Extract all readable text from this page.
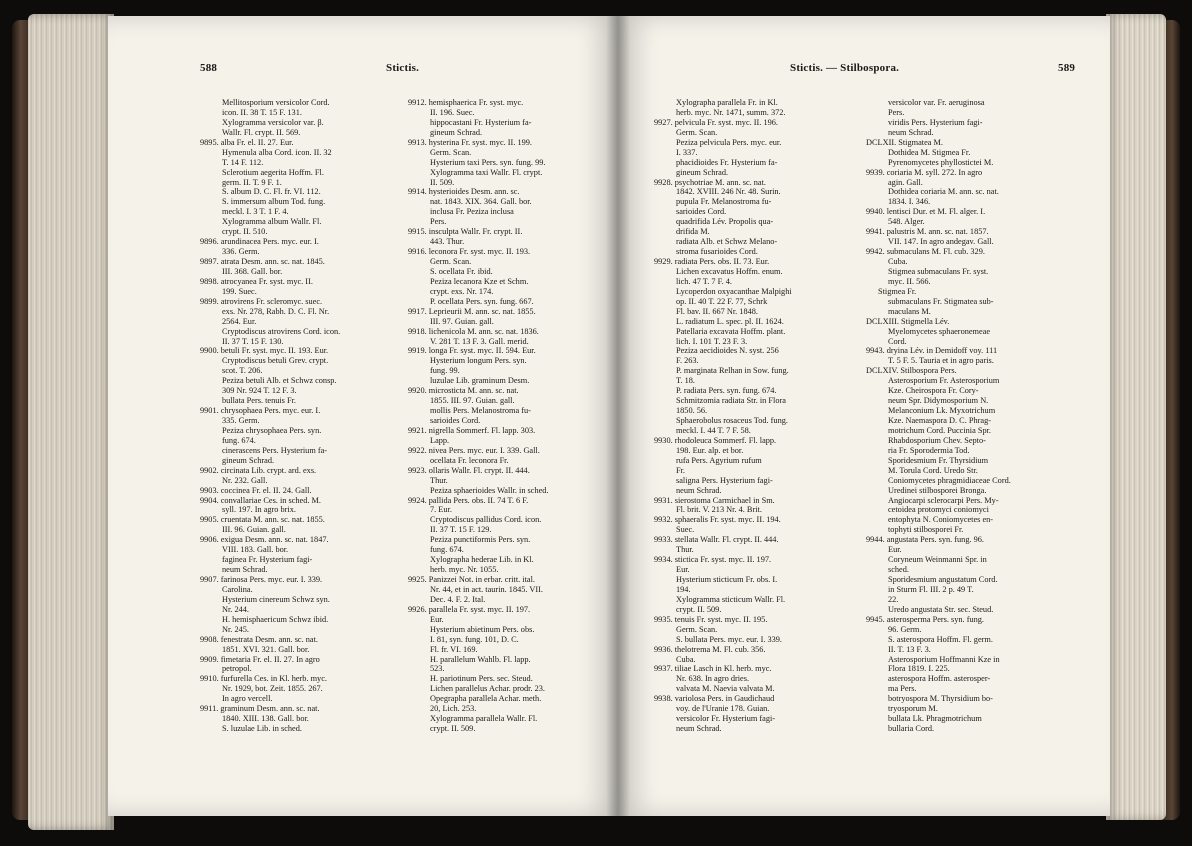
588	Stictis.
Mellitosporium versicolor Cord.
icon. II. 38 T. 15 F. 131.
Xylogramma versicolor var. β.
Wallr. Fl. crypt. II. 569.
9895. alba Fr. el. II. 27. Eur.
Hymenula alba Cord. icon. II. 32
T. 14 F. 112.
Sclerotium aegerita Hoffm. Fl.
germ. II. T. 9 F. 1.
S. album D. C. Fl. fr. VI. 112.
S. immersum album Tod. fung.
meckl. I. 3 T. 1 F. 4.
Xylogramma album Wallr. Fl.
crypt. II. 510.
9896. arundinacea Pers. myc. eur. I.
336. Germ.
9897. atrata Desm. ann. sc. nat. 1845.
III. 368. Gall. bor.
9898. atrocyanea Fr. syst. myc. II.
199. Suec.
9899. atrovirens Fr. scleromyc. suec.
exs. Nr. 278, Rabh. D. C. Fl. Nr.
2564. Eur.
Cryptodiscus atrovirens Cord. icon.
II. 37 T. 15 F. 130.
9900. betuli Fr. syst. myc. II. 193. Eur.
Cryptodiscus betuli Grev. crypt.
scot. T. 206.
Peziza betuli Alb. et Schwz consp.
309 Nr. 924 T. 12 F. 3.
bullata Pers. tenuis Fr.
9901. chrysophaea Pers. myc. eur. I.
335. Germ.
Peziza chrysophaea Pers. syn.
fung. 674.
cinerascens Pers. Hysterium fa-
gineum Schrad.
9902. circinata Lib. crypt. ard. exs.
Nr. 232. Gall.
9903. coccinea Fr. el. II. 24. Gall.
9904. convallariae Ces. in sched. M.
syll. 197. In agro brix.
9905. cruentata M. ann. sc. nat. 1855.
III. 96. Guian. gall.
9906. exigua Desm. ann. sc. nat. 1847.
VIII. 183. Gall. bor.
faginea Fr. Hysterium fagi-
neum Schrad.
9907. farinosa Pers. myc. eur. I. 339.
Carolina.
Hysterium cinereum Schwz syn.
Nr. 244.
H. hemisphaericum Schwz ibid.
Nr. 245.
9908. fenestrata Desm. ann. sc. nat.
1851. XVI. 321. Gall. bor.
9909. fimetaria Fr. el. II. 27. In agro
petropol.
9910. furfurella Ces. in Kl. herb. myc.
Nr. 1929, bot. Zeit. 1855. 267.
In agro vercell.
9911. graminum Desm. ann. sc. nat.
1840. XIII. 138. Gall. bor.
S. luzulae Lib. in sched.
9912. hemisphaerica Fr. syst. myc.
II. 196. Suec.
hippocastani Fr. Hysterium fa-
gineum Schrad.
9913. hysterina Fr. syst. myc. II. 199.
Germ. Scan.
Hysterium taxi Pers. syn. fung. 99.
Xylogramma taxi Wallr. Fl. crypt.
II. 509.
9914. hysterioides Desm. ann. sc.
nat. 1843. XIX. 364. Gall. bor.
inclusa Fr. Peziza inclusa
Pers.
9915. insculpta Wallr. Fr. crypt. II.
443. Thur.
9916. leconora Fr. syst. myc. II. 193.
Germ. Scan.
S. ocellata Fr. ibid.
Peziza lecanora Kze et Schm.
crypt. exs. Nr. 174.
P. ocellata Pers. syn. fung. 667.
9917. Leprieurii M. ann. sc. nat. 1855.
III. 97. Guian. gall.
9918. lichenicola M. ann. sc. nat. 1836.
V. 281 T. 13 F. 3. Gall. merid.
9919. longa Fr. syst. myc. II. 594. Eur.
Hysterium longum Pers. syn.
fung. 99.
luzulae Lib. graminum Desm.
9920. microsticta M. ann. sc. nat.
1855. III. 97. Guian. gall.
mollis Pers. Melanostroma fu-
sarioides Cord.
9921. nigrella Sommerf. Fl. lapp. 303.
Lapp.
9922. nivea Pers. myc. eur. I. 339. Gall.
ocellata Fr. leconora Fr.
9923. ollaris Wallr. Fl. crypt. II. 444.
Thur.
Peziza sphaerioides Wallr. in sched.
9924. pallida Pers. obs. II. 74 T. 6 F.
7. Eur.
Cryptodiscus pallidus Cord. icon.
II. 37 T. 15 F. 129.
Peziza punctiformis Pers. syn.
fung. 674.
Xylographa hederae Lib. in Kl.
herb. myc. Nr. 1055.
9925. Panizzei Not. in erbar. critt. ital.
Nr. 44, et in act. taurin. 1845. VII.
Dec. 4. F. 2. Ital.
9926. parallela Fr. syst. myc. II. 197.
Eur.
Hysterium abietinum Pers. obs.
I. 81, syn. fung. 101, D. C.
Fl. fr. VI. 169.
H. parallelum Wahlb. Fl. lapp.
523.
H. pariotinum Pers. sec. Steud.
Lichen parallelus Achar. prodr. 23.
Opegrapha parallela Achar. meth.
20, Lich. 253.
Xylogramma parallela Wallr. Fl.
crypt. II. 509.
Stictis. — Stilbospora.	589
Xylographa parallela Fr. in Kl.
herb. myc. Nr. 1471, summ. 372.
9927. pelvicula Fr. syst. myc. II. 196.
Germ. Scan.
Peziza pelvicula Pers. myc. eur.
I. 337.
phacidioides Fr. Hysterium fa-
gineum Schrad.
9928. psychotriae M. ann. sc. nat.
1842. XVIII. 246 Nr. 48. Surin.
pupula Fr. Melanostroma fu-
sarioides Cord.
quadrifida Lév. Propolis qua-
drifida M.
radiata Alb. et Schwz Melano-
stroma fusarioides Cord.
9929. radiata Pers. obs. II. 73. Eur.
Lichen excavatus Hoffm. enum.
lich. 47 T. 7 F. 4.
Lycoperdon oxyacanthae Malpighi
op. II. 40 T. 22 F. 77, Schrk
Fl. bav. II. 667 Nr. 1848.
L. radiatum L. spec. pl. II. 1624.
Patellaria excavata Hoffm. plant.
lich. I. 101 T. 23 F. 3.
Peziza aecidioides N. syst. 256
F. 263.
P. marginata Relhan in Sow. fung.
T. 18.
P. radiata Pers. syn. fung. 674.
Schmitzomia radiata Str. in Flora
1850. 56.
Sphaerobolus rosaceus Tod. fung.
meckl. I. 44 T. 7 F. 58.
9930. rhodoleuca Sommerf. Fl. lapp.
198. Eur. alp. et bor.
rufa Pers. Agyrium rufum
Fr.
saligna Pers. Hysterium fagi-
neum Schrad.
9931. sierostoma Carmichael in Sm.
Fl. brit. V. 213 Nr. 4. Brit.
9932. sphaeralis Fr. syst. myc. II. 194.
Suec.
9933. stellata Wallr. Fl. crypt. II. 444.
Thur.
9934. stictica Fr. syst. myc. II. 197.
Eur.
Hysterium sticticum Fr. obs. I.
194.
Xylogramma sticticum Wallr. Fl.
crypt. II. 509.
9935. tenuis Fr. syst. myc. II. 195.
Germ. Scan.
S. bullata Pers. myc. eur. I. 339.
9936. thelotrema M. Fl. cub. 356.
Cuba.
9937. tiliae Lasch in Kl. herb. myc.
Nr. 638. In agro dries.
valvata M. Naevia valvata M.
9938. variolosa Pers. in Gaudichaud
voy. de l'Uranie 178. Guian.
versicolor Fr. Hysterium fagi-
neum Schrad.
versicolor var. Fr. aeruginosa
Pers.
viridis Pers. Hysterium fagi-
neum Schrad.
DCLXII. Stigmatea M.
Dothidea M. Stigmea Fr.
Pyrenomycetes phyllostictei M.
9939. coriaria M. syll. 272. In agro
agin. Gall.
Dothidea coriaria M. ann. sc. nat.
1834. I. 346.
9940. lentisci Dur. et M. Fl. alger. I.
548. Alger.
9941. palustris M. ann. sc. nat. 1857.
VII. 147. In agro andegav. Gall.
9942. submaculans M. Fl. cub. 329.
Cuba.
Stigmea submaculans Fr. syst.
myc. II. 566.
Stigmea Fr.
submaculans Fr. Stigmatea sub-
maculans M.
DCLXIII. Stigmella Lév.
Myelomycetes sphaeronemeae
Cord.
9943. dryina Lév. in Demidoff voy. 111
T. 5 F. 5. Tauria et in agro paris.
DCLXIV. Stilbospora Pers.
Asterosporium Fr. Asterosporium
Kze. Cheirospora Fr. Cory-
neum Spr. Didymosporium N.
Melanconium Lk. Myxotrichum
Kze. Naemaspora D. C. Phrag-
motrichum Cord. Puccinia Spr.
Rhabdosporium Chev. Septo-
ria Fr. Sporodermia Tod.
Sporidesmium Fr. Thyrsidium
M. Torula Cord. Uredo Str.
Coniomycetes phragmidiaceae Cord.
Uredinei stilbosporei Bronga.
Angiocarpi sclerocarpi Pers. My-
cetoidea protomyci coniomyci
entophyta N. Coniomycetes en-
tophyti stilbosporei Fr.
9944. angustata Pers. syn. fung. 96.
Eur.
Coryneum Weinmanni Spr. in
sched.
Sporidesmium angustatum Cord.
in Sturm Fl. III. 2 p. 49 T.
22.
Uredo angustata Str. sec. Steud.
9945. asterosperma Pers. syn. fung.
96. Germ.
S. asterospora Hoffm. Fl. germ.
II. T. 13 F. 3.
Asterosporium Hoffmanni Kze in
Flora 1819. I. 225.
asterospora Hoffm. asterosper-
ma Pers.
botryospora M. Thyrsidium bo-
tryosporum M.
bullata Lk. Phragmotrichum
bullaria Cord.
